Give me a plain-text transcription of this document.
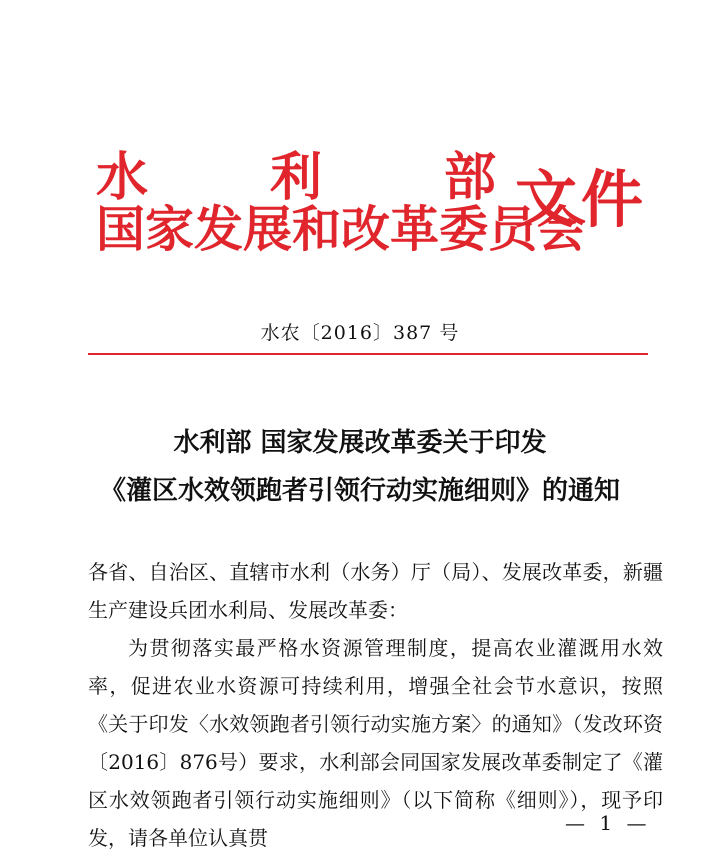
水 利 部
国家发展和改革委员会
文件
水农〔2016〕387 号
水利部 国家发展改革委关于印发
《灌区水效领跑者引领行动实施细则》的通知

各省、自治区、直辖市水利（水务）厅（局）、发展改革委，新疆生产建设兵团水利局、发展改革委：

为贯彻落实最严格水资源管理制度，提高农业灌溉用水效率，促进农业水资源可持续利用，增强全社会节水意识，按照《关于印发〈水效领跑者引领行动实施方案〉的通知》（发改环资〔2016〕876号）要求，水利部会同国家发展改革委制定了《灌区水效领跑者引领行动实施细则》（以下简称《细则》），现予印发，请各单位认真贯

— 1 —
